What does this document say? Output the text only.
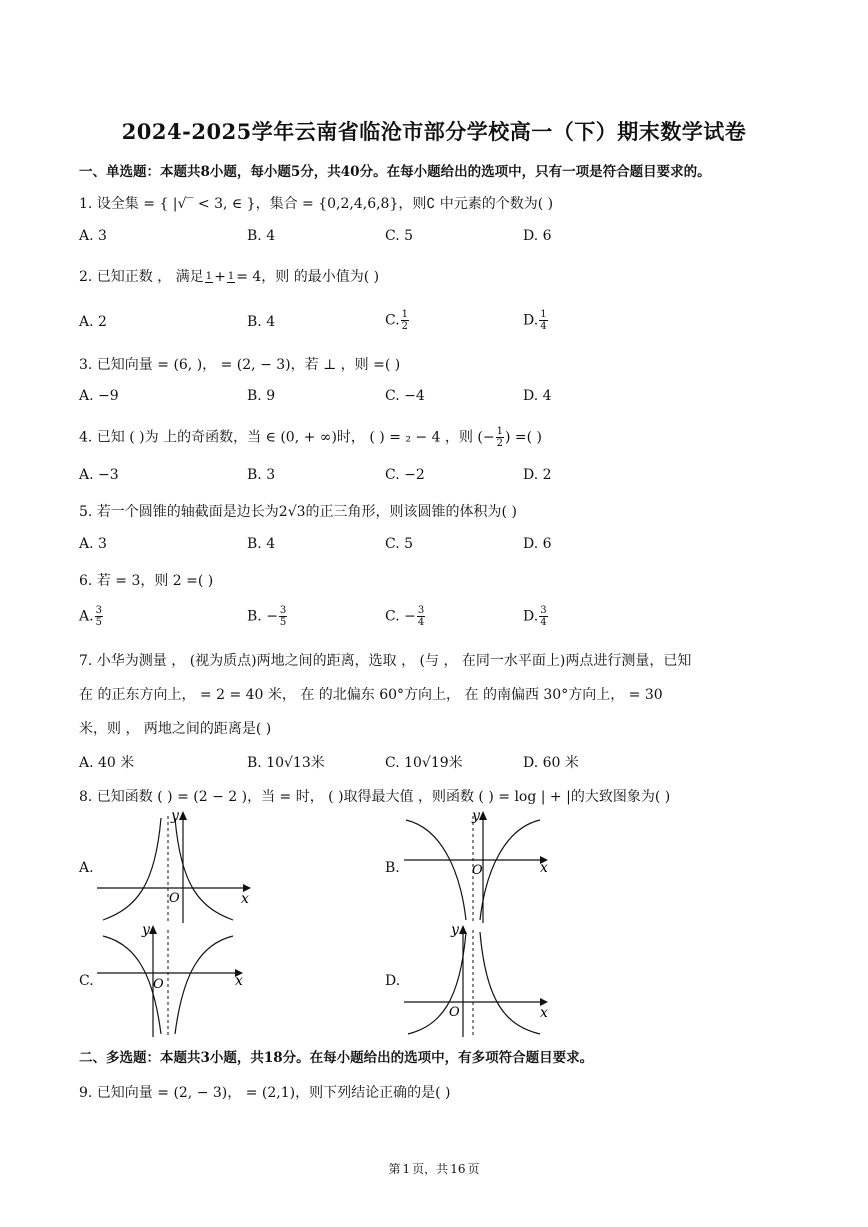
2024-2025学年云南省临沧市部分学校高一（下）期末数学试卷
一、单选题：本题共8小题，每小题5分，共40分。在每小题给出的选项中，只有一项是符合题目要求的。
1. 设全集 = { |√‾ < 3, ∈ }，集合 = {0,2,4,6,8}，则∁ 中元素的个数为( )
A. 3	B. 4	C. 5	D. 6
2. 已知正数 ， 满足 1 + 1 = 4，则 的最小值为( )
A. 2	B. 4	C. $\frac{1}{2}$	D. $\frac{1}{4}$
3. 已知向量 = (6, )， = (2, − 3)，若 ⊥ ，则 =( )
A. −9	B. 9	C. −4	D. 4
4. 已知 ( )为 上的奇函数，当 ∈ (0, + ∞)时， ( ) = ₂ − 4 ，则 (− $\frac{1}{2}$ ) =( )
A. −3	B. 3	C. −2	D. 2
5. 若一个圆锥的轴截面是边长为2√3的正三角形，则该圆锥的体积为( )
A. 3	B. 4	C. 5	D. 6
6. 若 = 3，则 2 =( )
A. $\frac{3}{5}$	B. − $\frac{3}{5}$	C. − $\frac{3}{4}$	D. $\frac{3}{4}$
7. 小华为测量 ， (视为质点)两地之间的距离，选取 ， (与 ， 在同一水平面上)两点进行测量，已知
在 的正东方向上， = 2 = 40 米， 在 的北偏东 60°方向上， 在 的南偏西 30°方向上， = 30
米，则 ， 两地之间的距离是( )
A. 40 米	B. 10√13米	C. 10√19米	D. 60 米
8. 已知函数 ( ) = (2 − 2 )，当 = 时， ( )取得最大值 ，则函数 ( ) = log | + |的大致图象为( )
A.
x
y
O
B.	x
y
O
C.	x
y
O	D.
x
y
O
二、多选题：本题共3小题，共18分。在每小题给出的选项中，有多项符合题目要求。
9. 已知向量 = (2, − 3)， = (2,1)，则下列结论正确的是( )
第 1 页，共 16 页
